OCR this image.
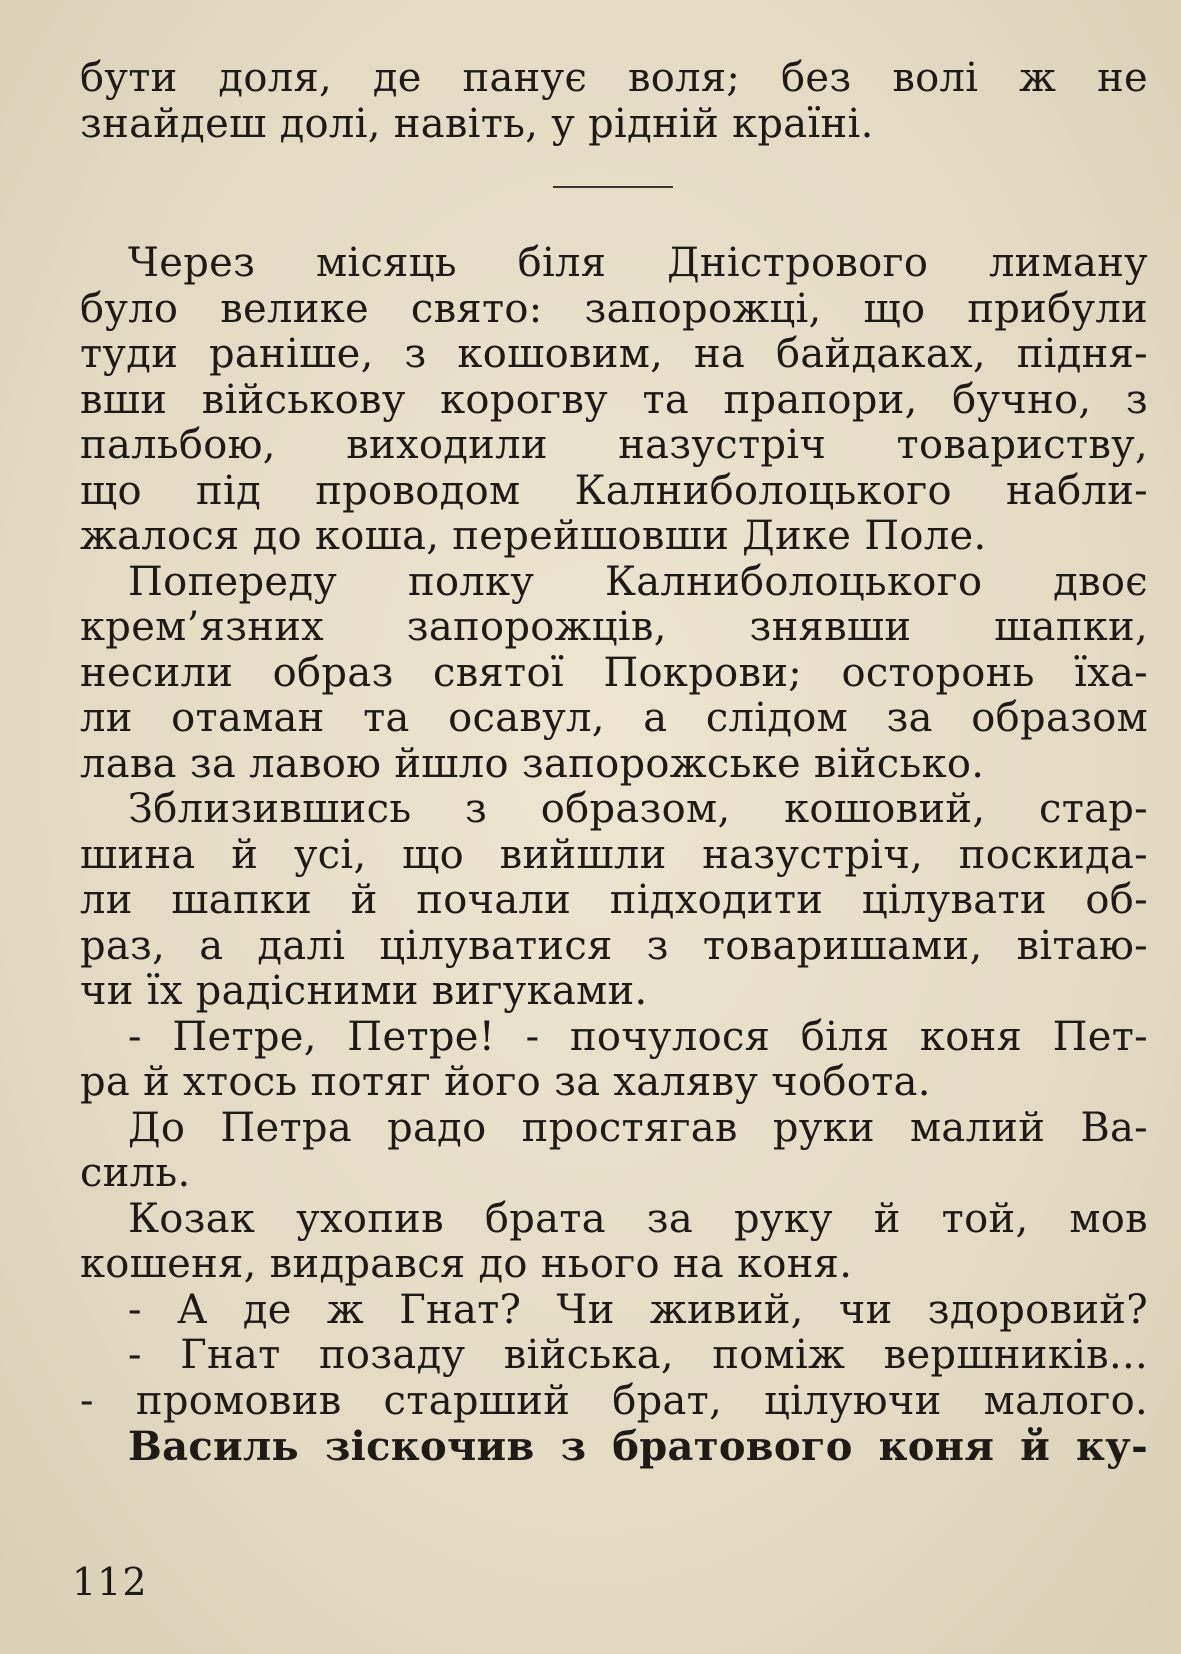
бути доля, де панує воля; без волі ж не
знайдеш долі, навіть, у рідній країні.
Через місяць біля Дністрового лиману
було велике свято: запорожці, що прибули
туди раніше, з кошовим, на байдаках, підня-
вши військову корогву та прапори, бучно, з
пальбою, виходили назустріч товариству,
що під проводом Калниболоцького набли-
жалося до коша, перейшовши Дике Поле.
Попереду полку Калниболоцького двоє
крем’язних запорожців, знявши шапки,
несили образ святої Покрови; осторонь їха-
ли отаман та осавул, а слідом за образом
лава за лавою йшло запорожське військо.
Зблизившись з образом, кошовий, стар-
шина й усі, що вийшли назустріч, поскида-
ли шапки й почали підходити цілувати об-
раз, а далі цілуватися з товаришами, вітаю-
чи їх радісними вигуками.
- Петре, Петре! - почулося біля коня Пет-
ра й хтось потяг його за халяву чобота.
До Петра радо простягав руки малий Ва-
силь.
Козак ухопив брата за руку й той, мов
кошеня, видрався до нього на коня.
- А де ж Гнат? Чи живий, чи здоровий?
- Гнат позаду війська, поміж вершників...
- промовив старший брат, цілуючи малого.
Василь зіскочив з братового коня й ку-
112
